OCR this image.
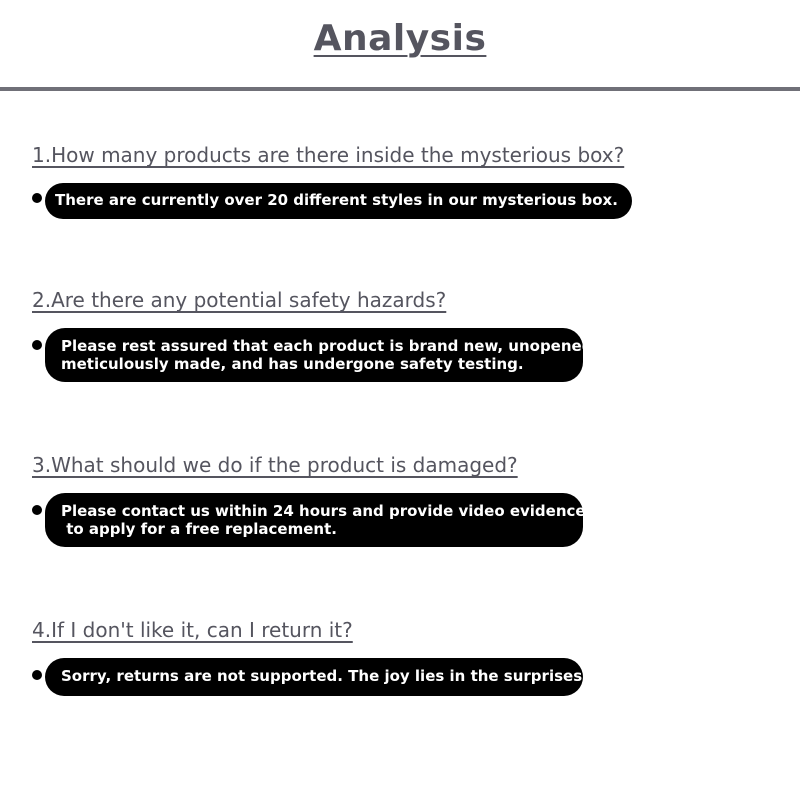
Analysis
1.How many products are there inside the mysterious box?
There are currently over 20 different styles in our mysterious box.
2.Are there any potential safety hazards?
Please rest assured that each product is brand new, unopened,
meticulously made, and has undergone safety testing.
3.What should we do if the product is damaged?
Please contact us within 24 hours and provide video evidence
to apply for a free replacement.
4.If I don't like it, can I return it?
Sorry, returns are not supported. The joy lies in the surprises.
